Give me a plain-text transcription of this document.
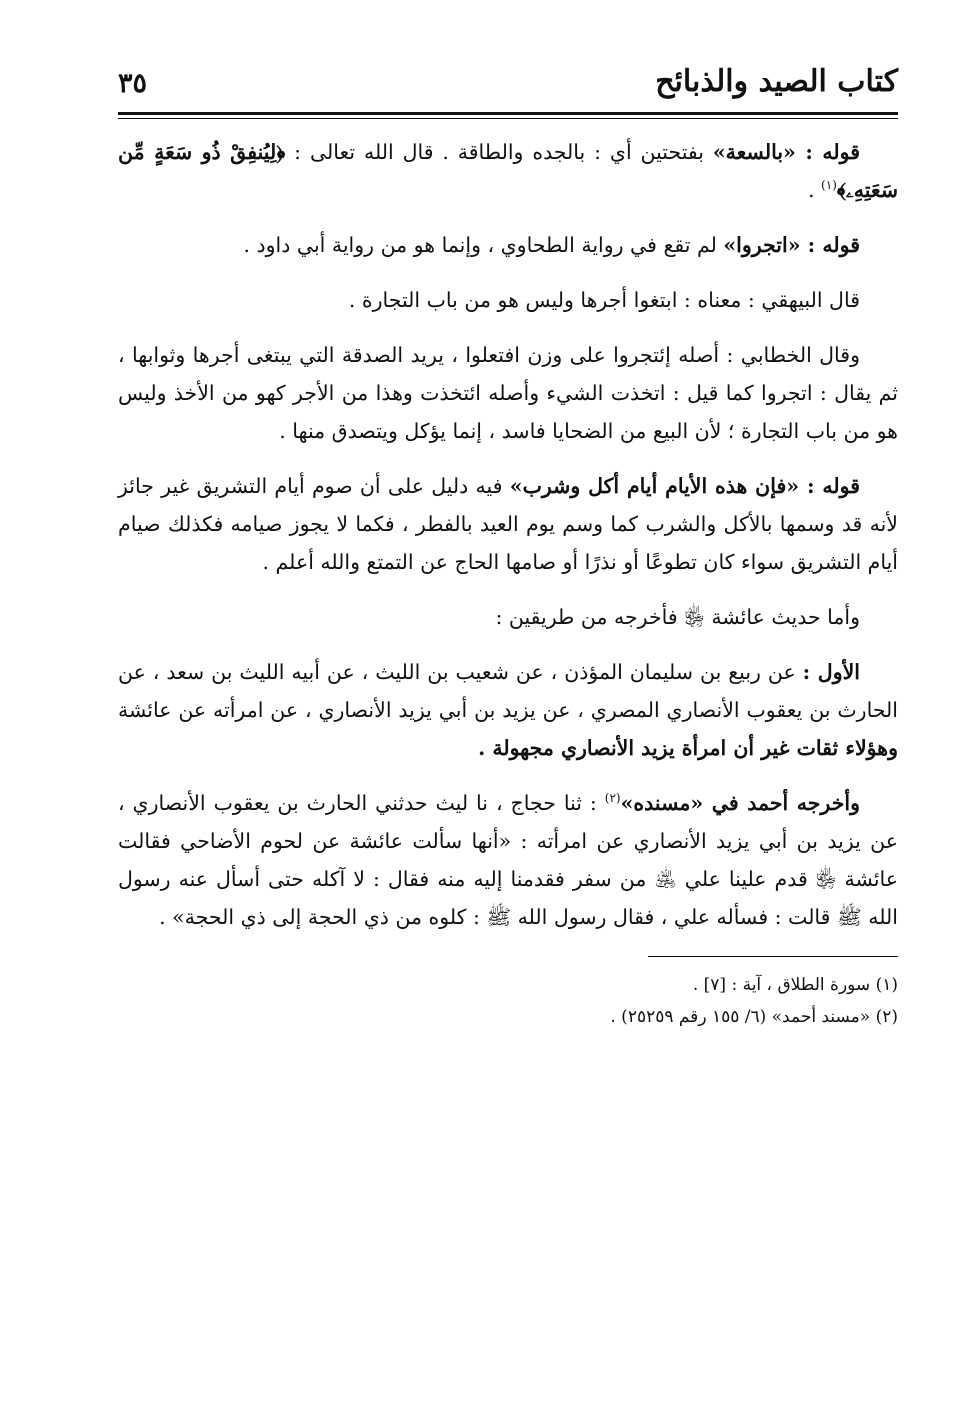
كتاب الصيد والذبائح
٣٥

قوله : «بالسعة» بفتحتين أي : بالجده والطاقة . قال الله تعالى : ﴿لِيُنفِقْ ذُو سَعَةٍ مِّن سَعَتِهِۦ﴾$^{(١)}$ .

قوله : «اتجروا» لم تقع في رواية الطحاوي ، وإنما هو من رواية أبي داود .

قال البيهقي : معناه : ابتغوا أجرها وليس هو من باب التجارة .

وقال الخطابي : أصله إئتجروا على وزن افتعلوا ، يريد الصدقة التي يبتغى أجرها وثوابها ، ثم يقال : اتجروا كما قيل : اتخذت الشيء وأصله ائتخذت وهذا من الأجر كهو من الأخذ وليس هو من باب التجارة ؛ لأن البيع من الضحايا فاسد ، إنما يؤكل ويتصدق منها .

قوله : «فإن هذه الأيام أيام أكل وشرب» فيه دليل على أن صوم أيام التشريق غير جائز لأنه قد وسمها بالأكل والشرب كما وسم يوم العيد بالفطر ، فكما لا يجوز صيامه فكذلك صيام أيام التشريق سواء كان تطوعًا أو نذرًا أو صامها الحاج عن التمتع والله أعلم .

وأما حديث عائشة ﵂ فأخرجه من طريقين :

الأول : عن ربيع بن سليمان المؤذن ، عن شعيب بن الليث ، عن أبيه الليث بن سعد ، عن الحارث بن يعقوب الأنصاري المصري ، عن يزيد بن أبي يزيد الأنصاري ، عن امرأته عن عائشة وهؤلاء ثقات غير أن امرأة يزيد الأنصاري مجهولة .

وأخرجه أحمد في «مسنده»$^{(٢)}$ : ثنا حجاج ، نا ليث حدثني الحارث بن يعقوب الأنصاري ، عن يزيد بن أبي يزيد الأنصاري عن امرأته : «أنها سألت عائشة عن لحوم الأضاحي فقالت عائشة ﵂ قدم علينا علي ﵁ من سفر فقدمنا إليه منه فقال : لا آكله حتى أسأل عنه رسول الله ﷺ قالت : فسأله علي ، فقال رسول الله ﷺ : كلوه من ذي الحجة إلى ذي الحجة» .

(١) سورة الطلاق ، آية : [٧] .

(٢) «مسند أحمد» (٦/ ١٥٥ رقم ٢٥٢٥٩) .
